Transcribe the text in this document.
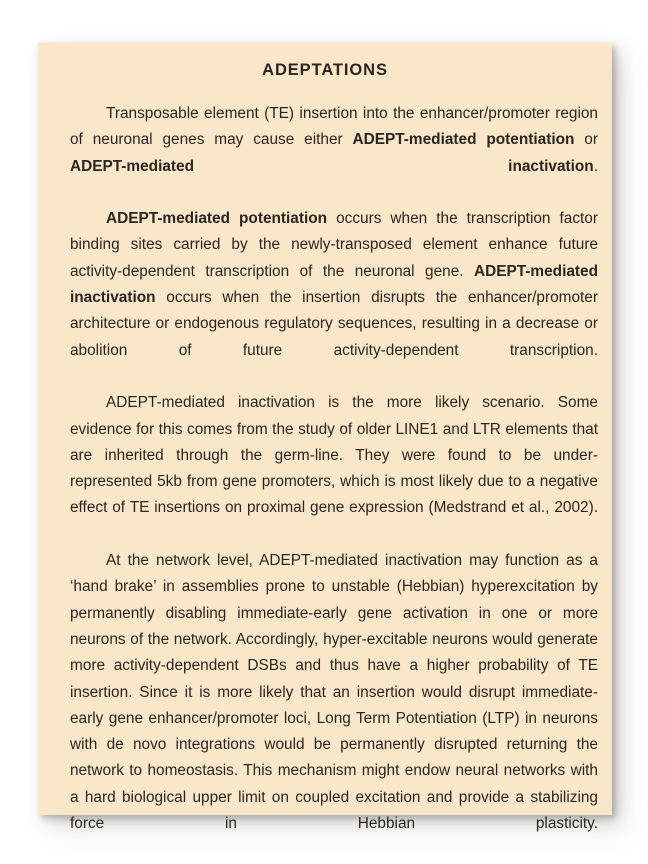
ADEPTATIONS

Transposable element (TE) insertion into the enhancer/promoter region of neuronal genes may cause either ADEPT-mediated potentiation or ADEPT-mediated inactivation.

ADEPT-mediated potentiation occurs when the transcription factor binding sites carried by the newly-transposed element enhance future activity-dependent transcription of the neuronal gene. ADEPT-mediated inactivation occurs when the insertion disrupts the enhancer/promoter architecture or endogenous regulatory sequences, resulting in a decrease or abolition of future activity-dependent transcription.

ADEPT-mediated inactivation is the more likely scenario. Some evidence for this comes from the study of older LINE1 and LTR elements that are inherited through the germ-line. They were found to be under-represented 5kb from gene promoters, which is most likely due to a negative effect of TE insertions on proximal gene expression (Medstrand et al., 2002).

At the network level, ADEPT-mediated inactivation may function as a ‘hand brake’ in assemblies prone to unstable (Hebbian) hyperexcitation by permanently disabling immediate-early gene activation in one or more neurons of the network. Accordingly, hyper-excitable neurons would generate more activity-dependent DSBs and thus have a higher probability of TE insertion. Since it is more likely that an insertion would disrupt immediate-early gene enhancer/promoter loci, Long Term Potentiation (LTP) in neurons with de novo integrations would be permanently disrupted returning the network to homeostasis. This mechanism might endow neural networks with a hard biological upper limit on coupled excitation and provide a stabilizing force in Hebbian plasticity.
